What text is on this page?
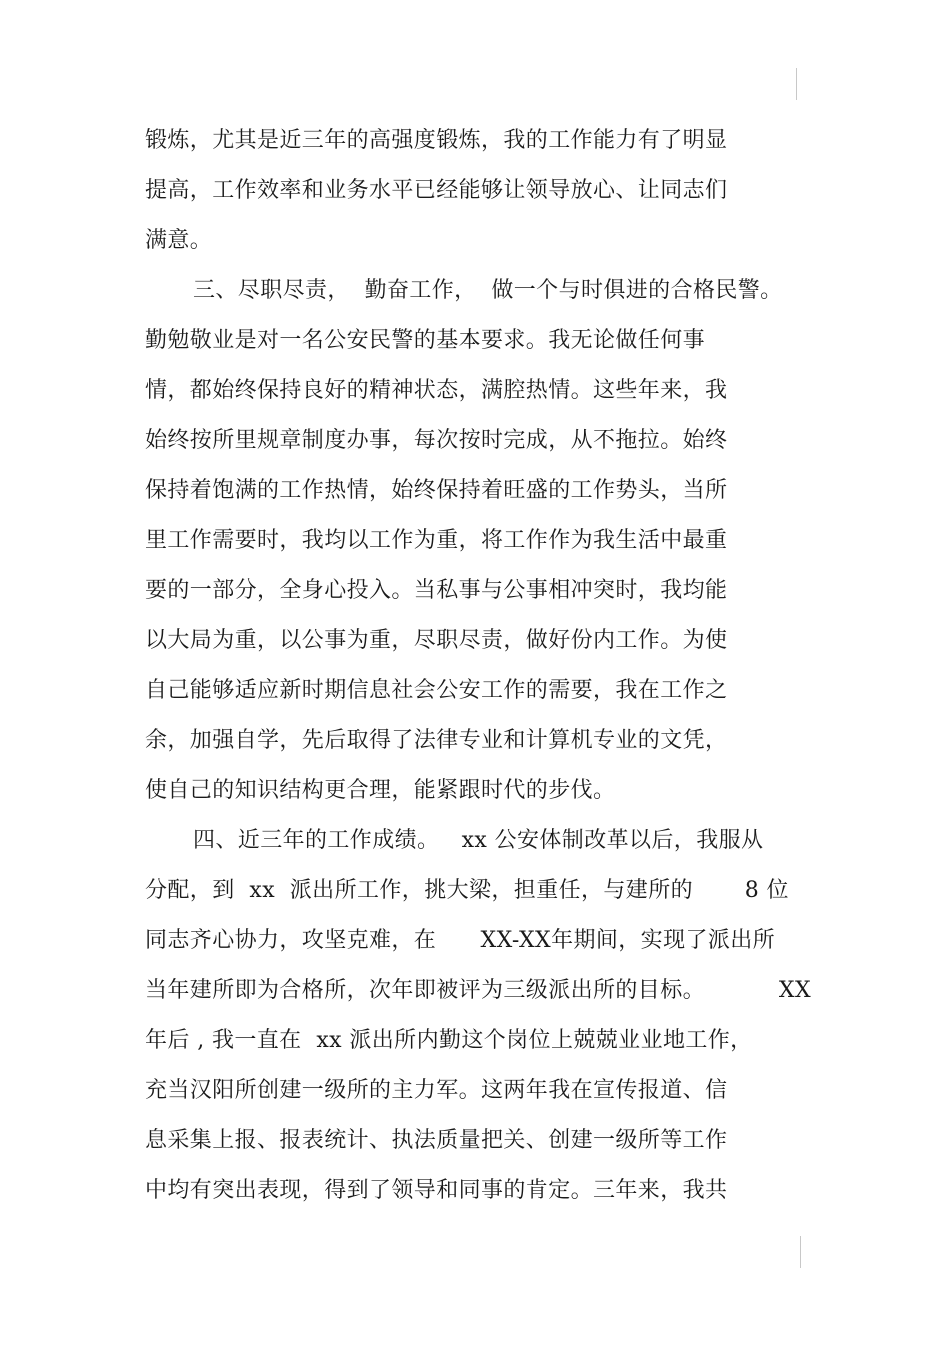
锻炼，尤其是近三年的高强度锻炼，我的工作能力有了明显
提高，工作效率和业务水平已经能够让领导放心、让同志们
满意。
三、尽职尽责，  勤奋工作，  做一个与时俱进的合格民警。
勤勉敬业是对一名公安民警的基本要求。我无论做任何事
情，都始终保持良好的精神状态，满腔热情。这些年来，我
始终按所里规章制度办事，每次按时完成，从不拖拉。始终
保持着饱满的工作热情，始终保持着旺盛的工作势头，当所
里工作需要时，我均以工作为重，将工作作为我生活中最重
要的一部分，全身心投入。当私事与公事相冲突时，我均能
以大局为重，以公事为重，尽职尽责，做好份内工作。为使
自己能够适应新时期信息社会公安工作的需要，我在工作之
余，加强自学，先后取得了法律专业和计算机专业的文凭，
使自己的知识结构更合理，能紧跟时代的步伐。
四、近三年的工作成绩。   xx 公安体制改革以后，我服从
分配，到  xx  派出所工作，挑大梁，担重任，与建所的       8 位
同志齐心协力，攻坚克难，在      XX-XX年期间，实现了派出所
当年建所即为合格所，次年即被评为三级派出所的目标。          XX
年后 , 我一直在  xx 派出所内勤这个岗位上兢兢业业地工作，
充当汉阳所创建一级所的主力军。这两年我在宣传报道、信
息采集上报、报表统计、执法质量把关、创建一级所等工作
中均有突出表现，得到了领导和同事的肯定。三年来，我共
